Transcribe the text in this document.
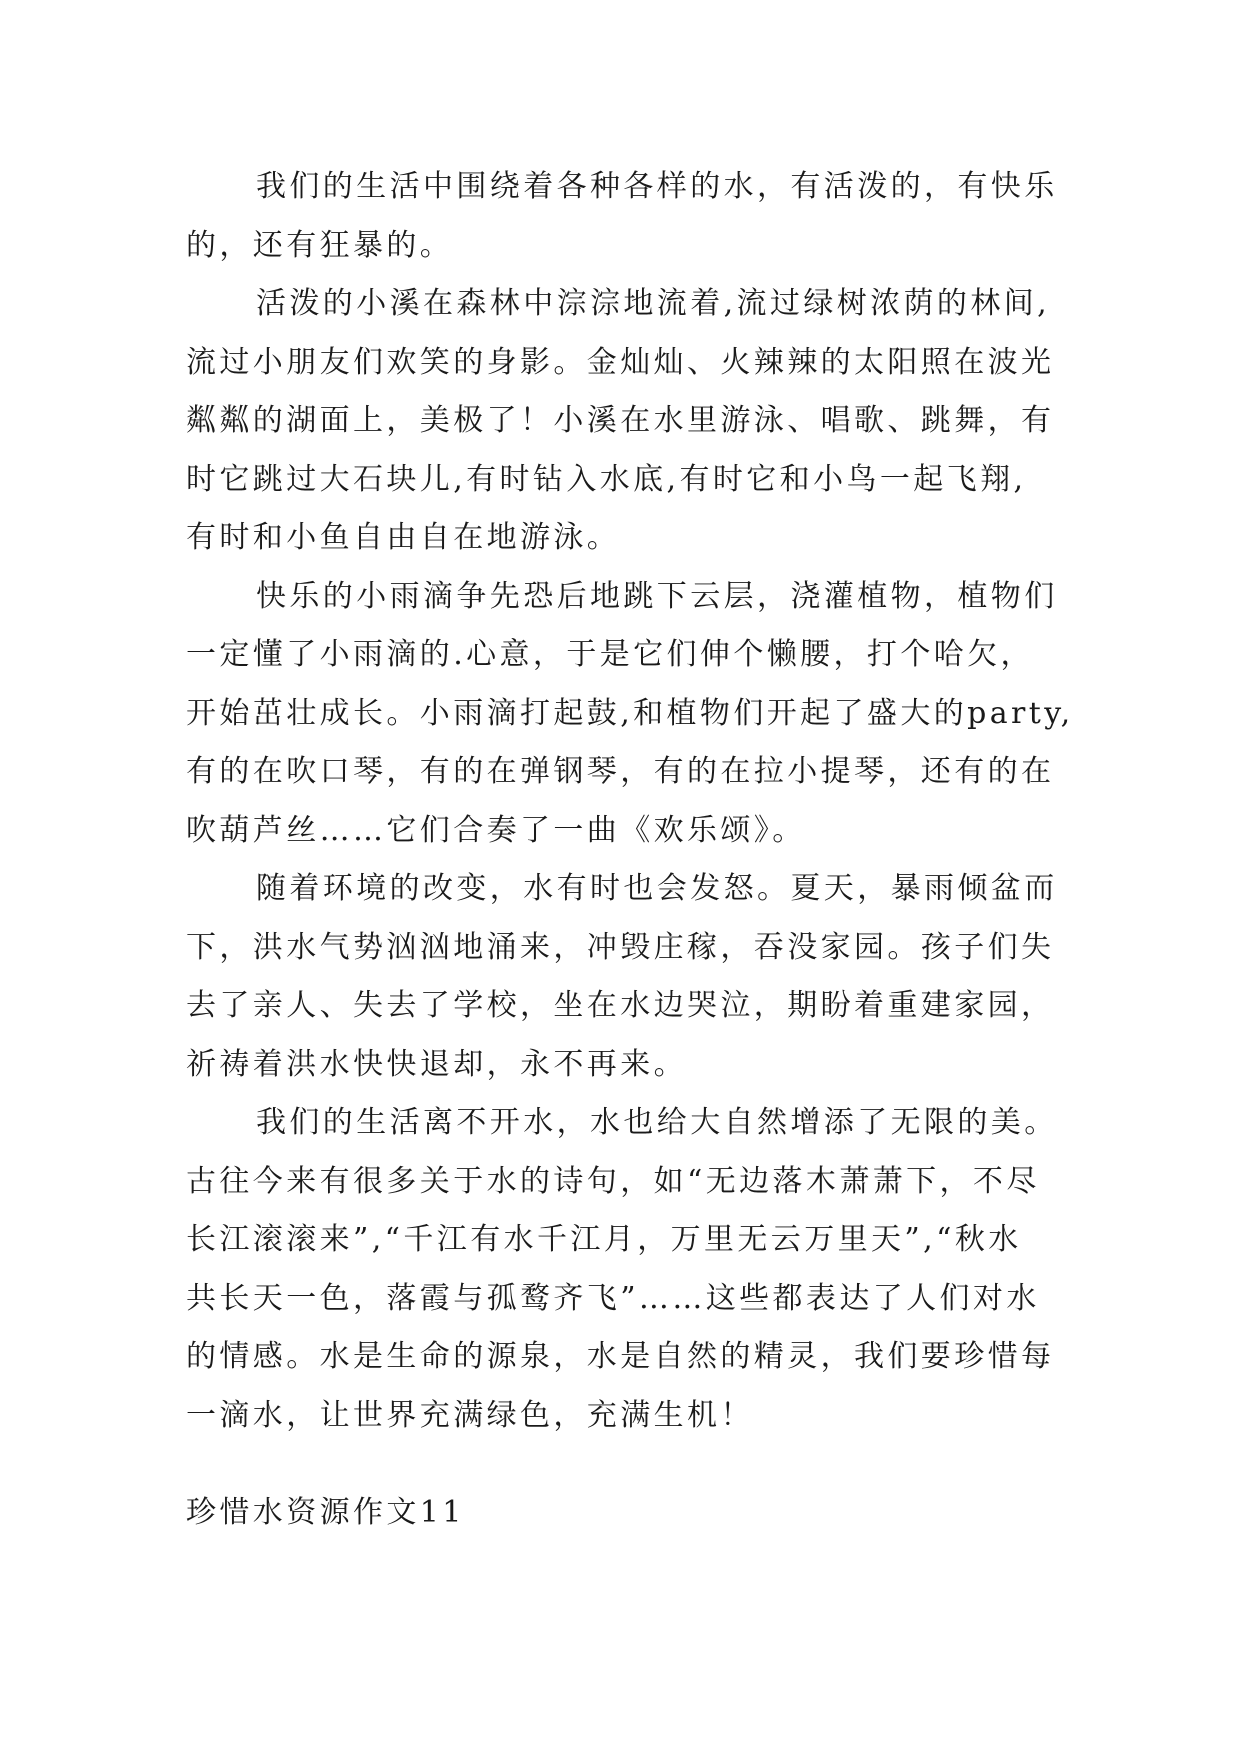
我们的生活中围绕着各种各样的水，有活泼的，有快乐

的，还有狂暴的。

活泼的小溪在森林中淙淙地流着,流过绿树浓荫的林间,

流过小朋友们欢笑的身影。金灿灿、火辣辣的太阳照在波光

粼粼的湖面上，美极了！小溪在水里游泳、唱歌、跳舞，有

时它跳过大石块儿,有时钻入水底,有时它和小鸟一起飞翔,

有时和小鱼自由自在地游泳。

快乐的小雨滴争先恐后地跳下云层，浇灌植物，植物们

一定懂了小雨滴的.心意，于是它们伸个懒腰，打个哈欠，

开始茁壮成长。小雨滴打起鼓,和植物们开起了盛大的party,

有的在吹口琴，有的在弹钢琴，有的在拉小提琴，还有的在

吹葫芦丝……它们合奏了一曲《欢乐颂》。

随着环境的改变，水有时也会发怒。夏天，暴雨倾盆而

下，洪水气势汹汹地涌来，冲毁庄稼，吞没家园。孩子们失

去了亲人、失去了学校，坐在水边哭泣，期盼着重建家园，

祈祷着洪水快快退却，永不再来。

我们的生活离不开水，水也给大自然增添了无限的美。

古往今来有很多关于水的诗句，如“无边落木萧萧下，不尽

长江滚滚来”,“千江有水千江月，万里无云万里天”,“秋水

共长天一色，落霞与孤鹜齐飞”……这些都表达了人们对水

的情感。水是生命的源泉，水是自然的精灵，我们要珍惜每

一滴水，让世界充满绿色，充满生机！

珍惜水资源作文11
